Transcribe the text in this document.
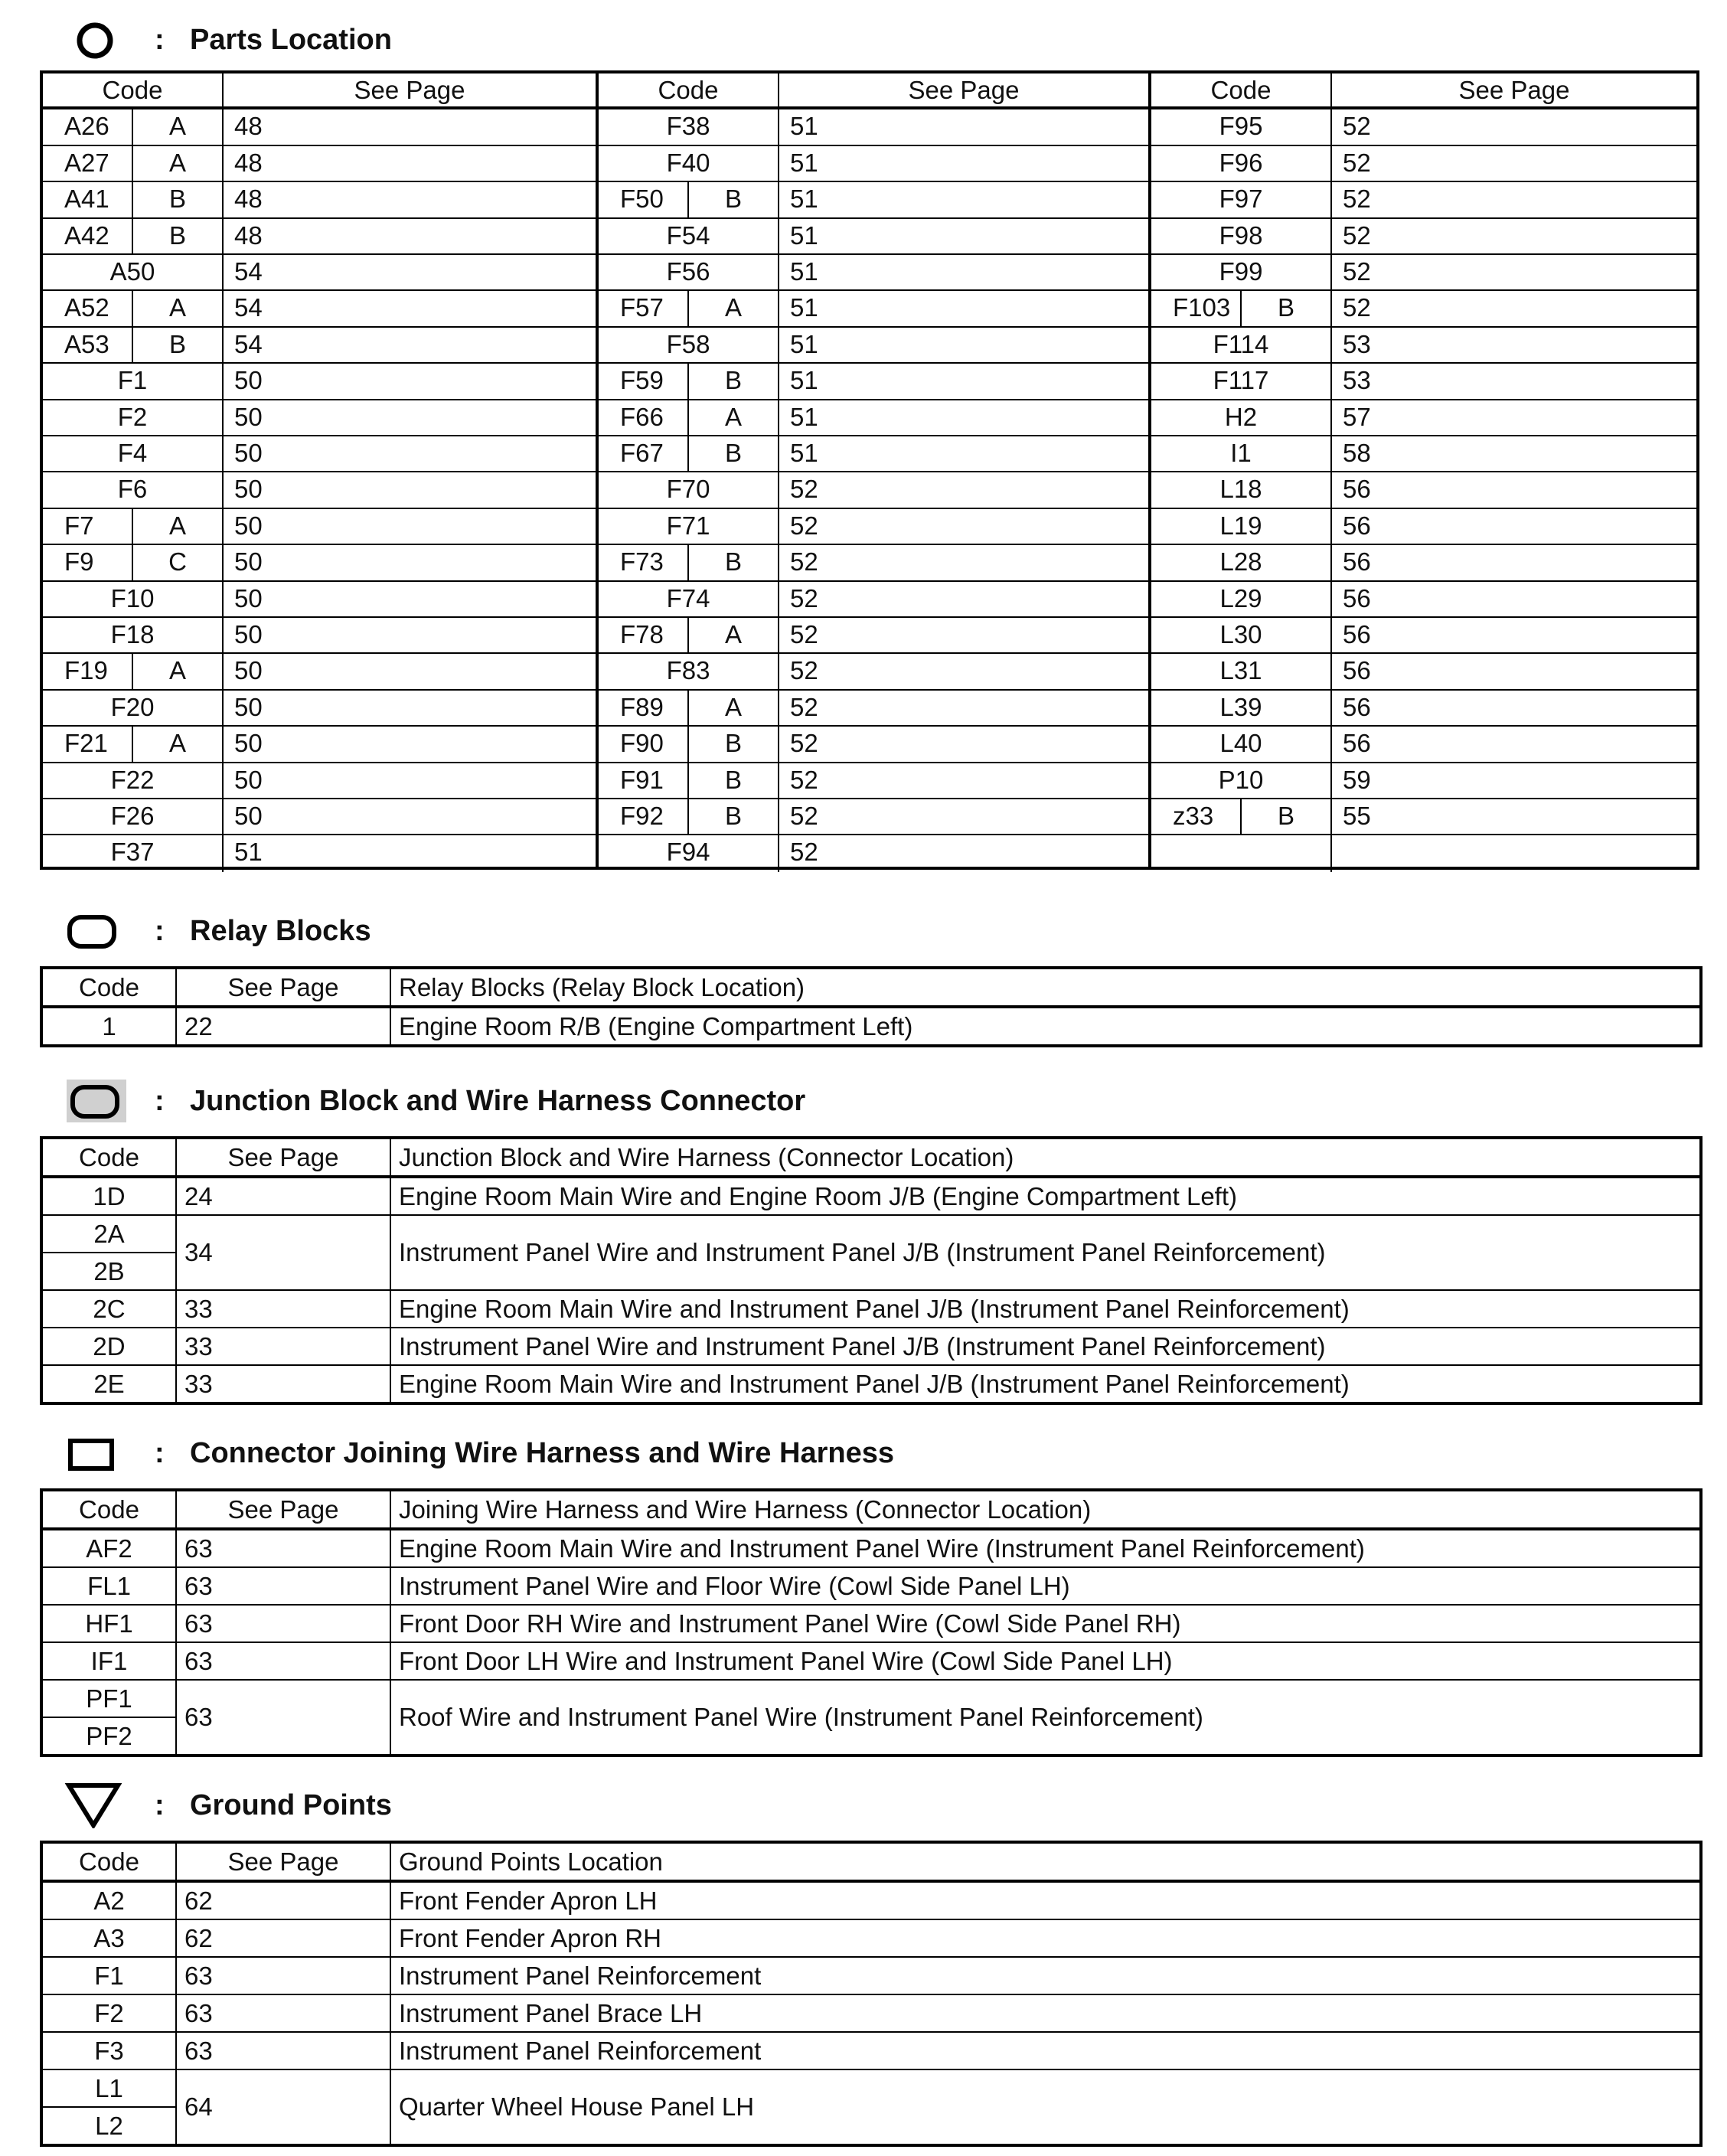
: Parts Location
Code	See Page
A26	A	48
A27	A	48
A41	B	48
A42	B	48
A50	54
A52	A	54
A53	B	54
F1	50
F2	50
F4	50
F6	50
F7	A	50
F9	C	50
F10	50
F18	50
F19	A	50
F20	50
F21	A	50
F22	50
F26	50
F37	51
Code	See Page
F38	51
F40	51
F50	B	51
F54	51
F56	51
F57	A	51
F58	51
F59	B	51
F66	A	51
F67	B	51
F70	52
F71	52
F73	B	52
F74	52
F78	A	52
F83	52
F89	A	52
F90	B	52
F91	B	52
F92	B	52
F94	52
Code	See Page
F95	52
F96	52
F97	52
F98	52
F99	52
F103	B	52
F114	53
F117	53
H2	57
I1	58
L18	56
L19	56
L28	56
L29	56
L30	56
L31	56
L39	56
L40	56
P10	59
z33	B	55
: Relay Blocks
Code	See Page	Relay Blocks (Relay Block Location)
1	22	Engine Room R/B (Engine Compartment Left)
: Junction Block and Wire Harness Connector
Code	See Page	Junction Block and Wire Harness (Connector Location)
1D	24	Engine Room Main Wire and Engine Room J/B (Engine Compartment Left)
2A	34	Instrument Panel Wire and Instrument Panel J/B (Instrument Panel Reinforcement)
2B		
2C	33	Engine Room Main Wire and Instrument Panel J/B (Instrument Panel Reinforcement)
2D	33	Instrument Panel Wire and Instrument Panel J/B (Instrument Panel Reinforcement)
2E	33	Engine Room Main Wire and Instrument Panel J/B (Instrument Panel Reinforcement)
: Connector Joining Wire Harness and Wire Harness
Code	See Page	Joining Wire Harness and Wire Harness (Connector Location)
AF2	63	Engine Room Main Wire and Instrument Panel Wire (Instrument Panel Reinforcement)
FL1	63	Instrument Panel Wire and Floor Wire (Cowl Side Panel LH)
HF1	63	Front Door RH Wire and Instrument Panel Wire (Cowl Side Panel RH)
IF1	63	Front Door LH Wire and Instrument Panel Wire (Cowl Side Panel LH)
PF1	63	Roof Wire and Instrument Panel Wire (Instrument Panel Reinforcement)
PF2		
: Ground Points
Code	See Page	Ground Points Location
A2	62	Front Fender Apron LH
A3	62	Front Fender Apron RH
F1	63	Instrument Panel Reinforcement
F2	63	Instrument Panel Brace LH
F3	63	Instrument Panel Reinforcement
L1	64	Quarter Wheel House Panel LH
L2		
